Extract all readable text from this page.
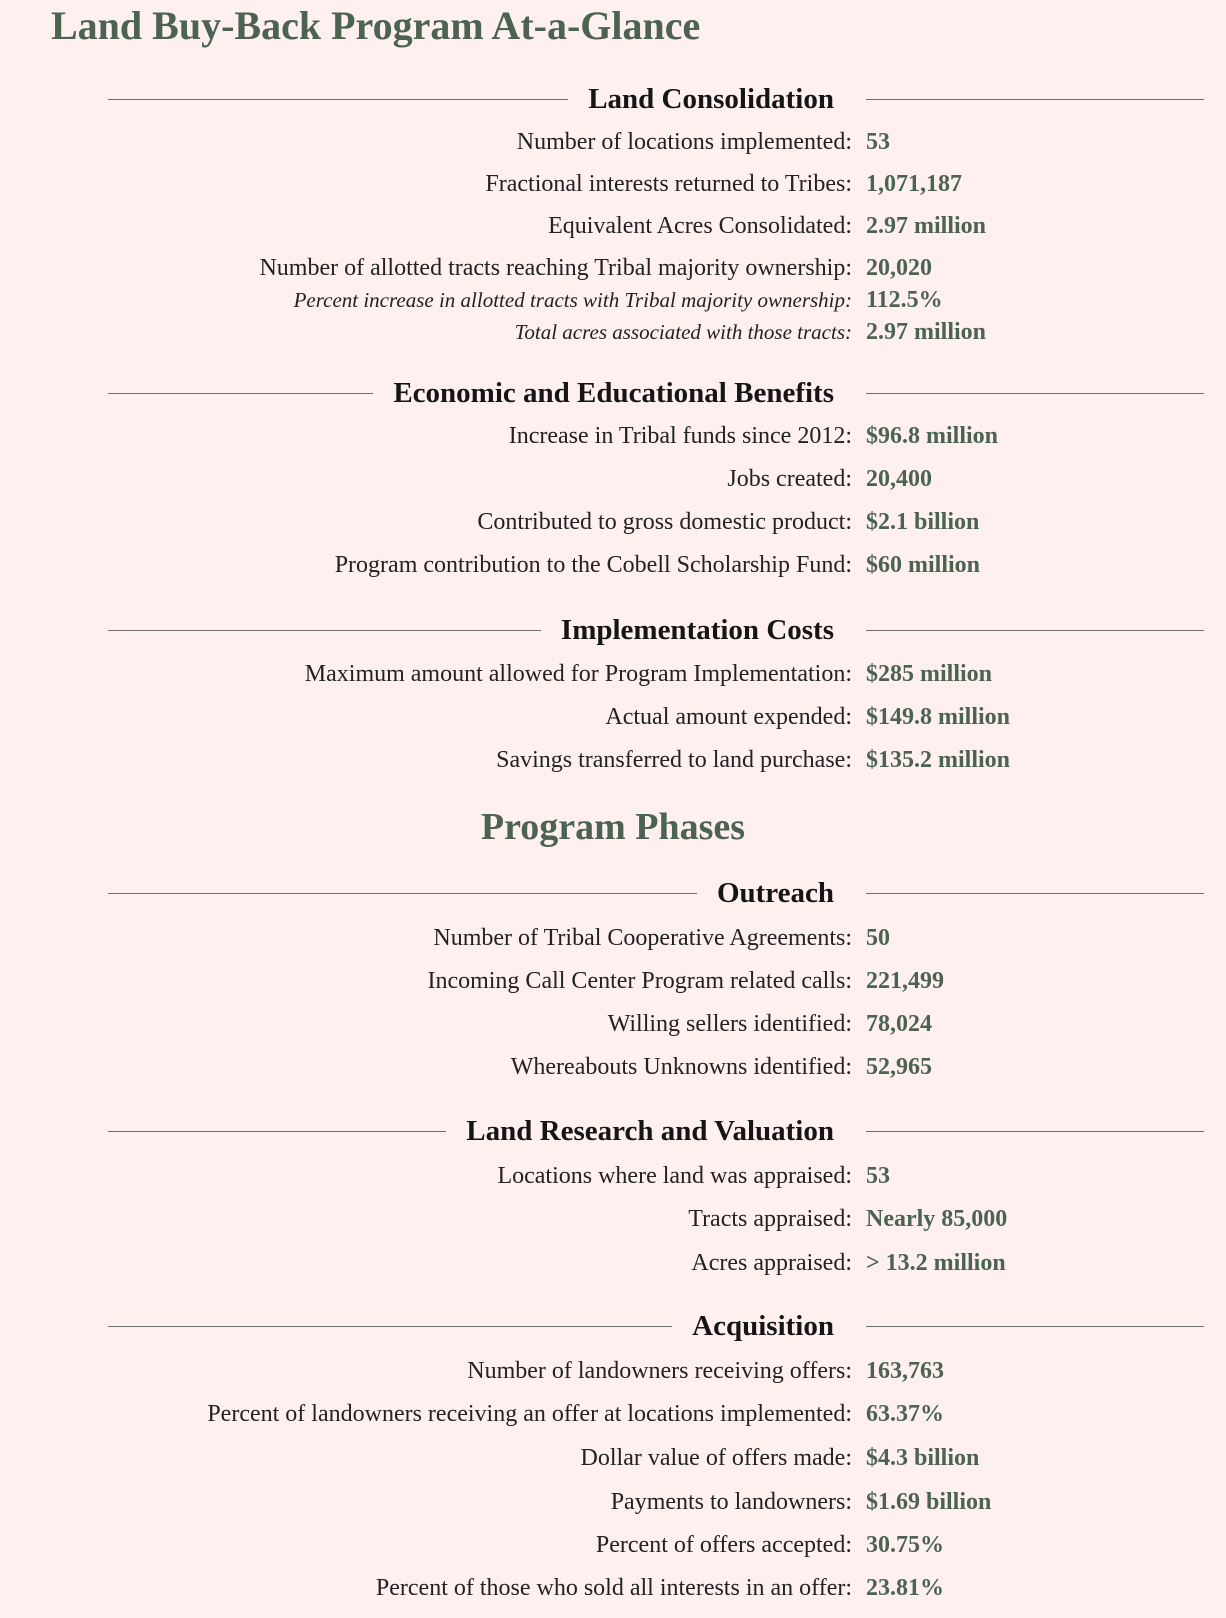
Land Buy-Back Program At-a-Glance
Land Consolidation
Number of locations implemented: 53
Fractional interests returned to Tribes: 1,071,187
Equivalent Acres Consolidated: 2.97 million
Number of allotted tracts reaching Tribal majority ownership: 20,020
Percent increase in allotted tracts with Tribal majority ownership: 112.5%
Total acres associated with those tracts: 2.97 million
Economic and Educational Benefits
Increase in Tribal funds since 2012: $96.8 million
Jobs created: 20,400
Contributed to gross domestic product: $2.1 billion
Program contribution to the Cobell Scholarship Fund: $60 million
Implementation Costs
Maximum amount allowed for Program Implementation: $285 million
Actual amount expended: $149.8 million
Savings transferred to land purchase: $135.2 million
Program Phases
Outreach
Number of Tribal Cooperative Agreements: 50
Incoming Call Center Program related calls: 221,499
Willing sellers identified: 78,024
Whereabouts Unknowns identified: 52,965
Land Research and Valuation
Locations where land was appraised: 53
Tracts appraised: Nearly 85,000
Acres appraised: > 13.2 million
Acquisition
Number of landowners receiving offers: 163,763
Percent of landowners receiving an offer at locations implemented: 63.37%
Dollar value of offers made: $4.3 billion
Payments to landowners: $1.69 billion
Percent of offers accepted: 30.75%
Percent of those who sold all interests in an offer: 23.81%
